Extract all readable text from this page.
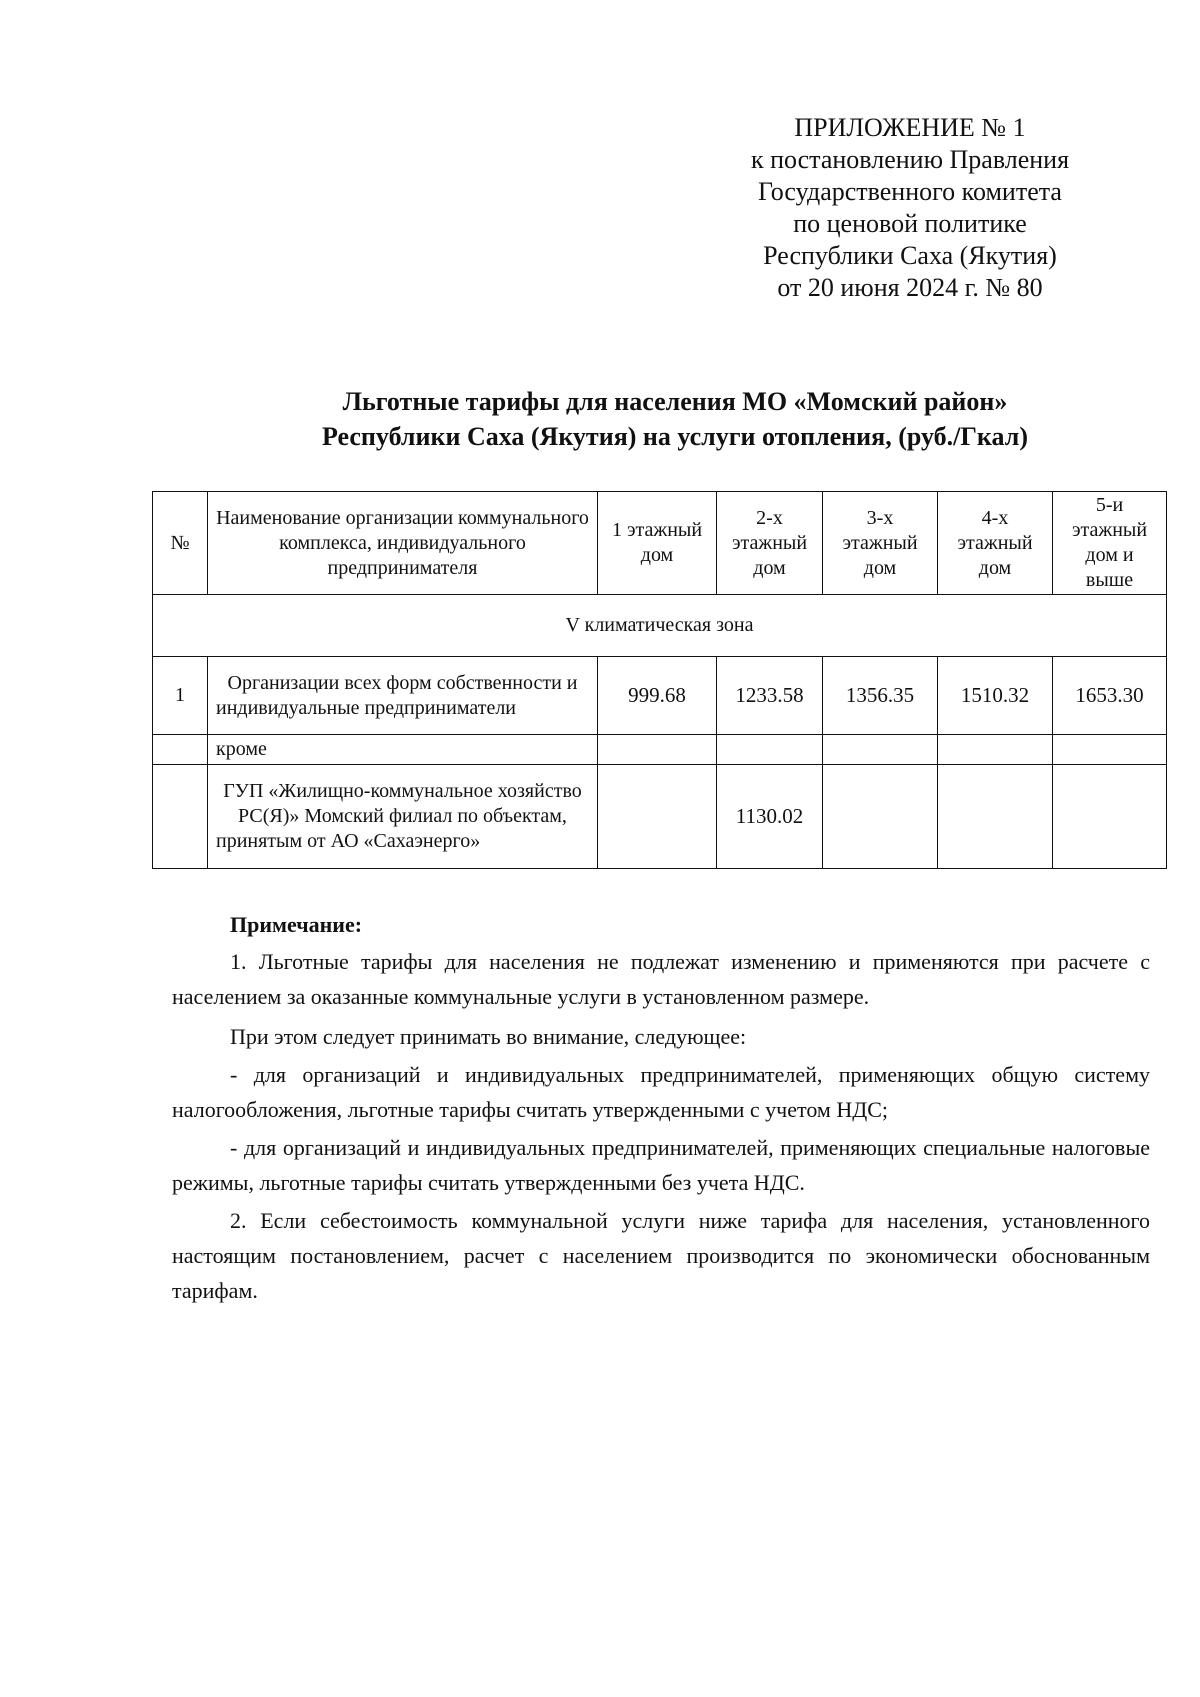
ПРИЛОЖЕНИЕ № 1
к постановлению Правления
Государственного комитета
по ценовой политике
Республики Саха (Якутия)
от 20 июня 2024 г. № 80
Льготные тарифы для населения МО «Момский район»
Республики Саха (Якутия) на услуги отопления, (руб./Гкал)
№	Наименование организации коммунального комплекса, индивидуального предпринимателя	1 этажный дом	2-х этажный дом	3-х этажный дом	4-х этажный дом	5-и этажный дом и выше
V климатическая зона						
1	Организации всех форм собственности и индивидуальные предприниматели	999.68	1233.58	1356.35	1510.32	1653.30
	кроме					
	ГУП «Жилищно-коммунальное хозяйство РС(Я)» Момский филиал по объектам, принятым от АО «Сахаэнерго»		1130.02			
Примечание:
1. Льготные тарифы для населения не подлежат изменению и применяются при расчете с населением за оказанные коммунальные услуги в установленном размере.
При этом следует принимать во внимание, следующее:
- для организаций и индивидуальных предпринимателей, применяющих общую систему налогообложения, льготные тарифы считать утвержденными с учетом НДС;
- для организаций и индивидуальных предпринимателей, применяющих специальные налоговые режимы, льготные тарифы считать утвержденными без учета НДС.
2. Если себестоимость коммунальной услуги ниже тарифа для населения, установленного настоящим постановлением, расчет с населением производится по экономически обоснованным тарифам.
